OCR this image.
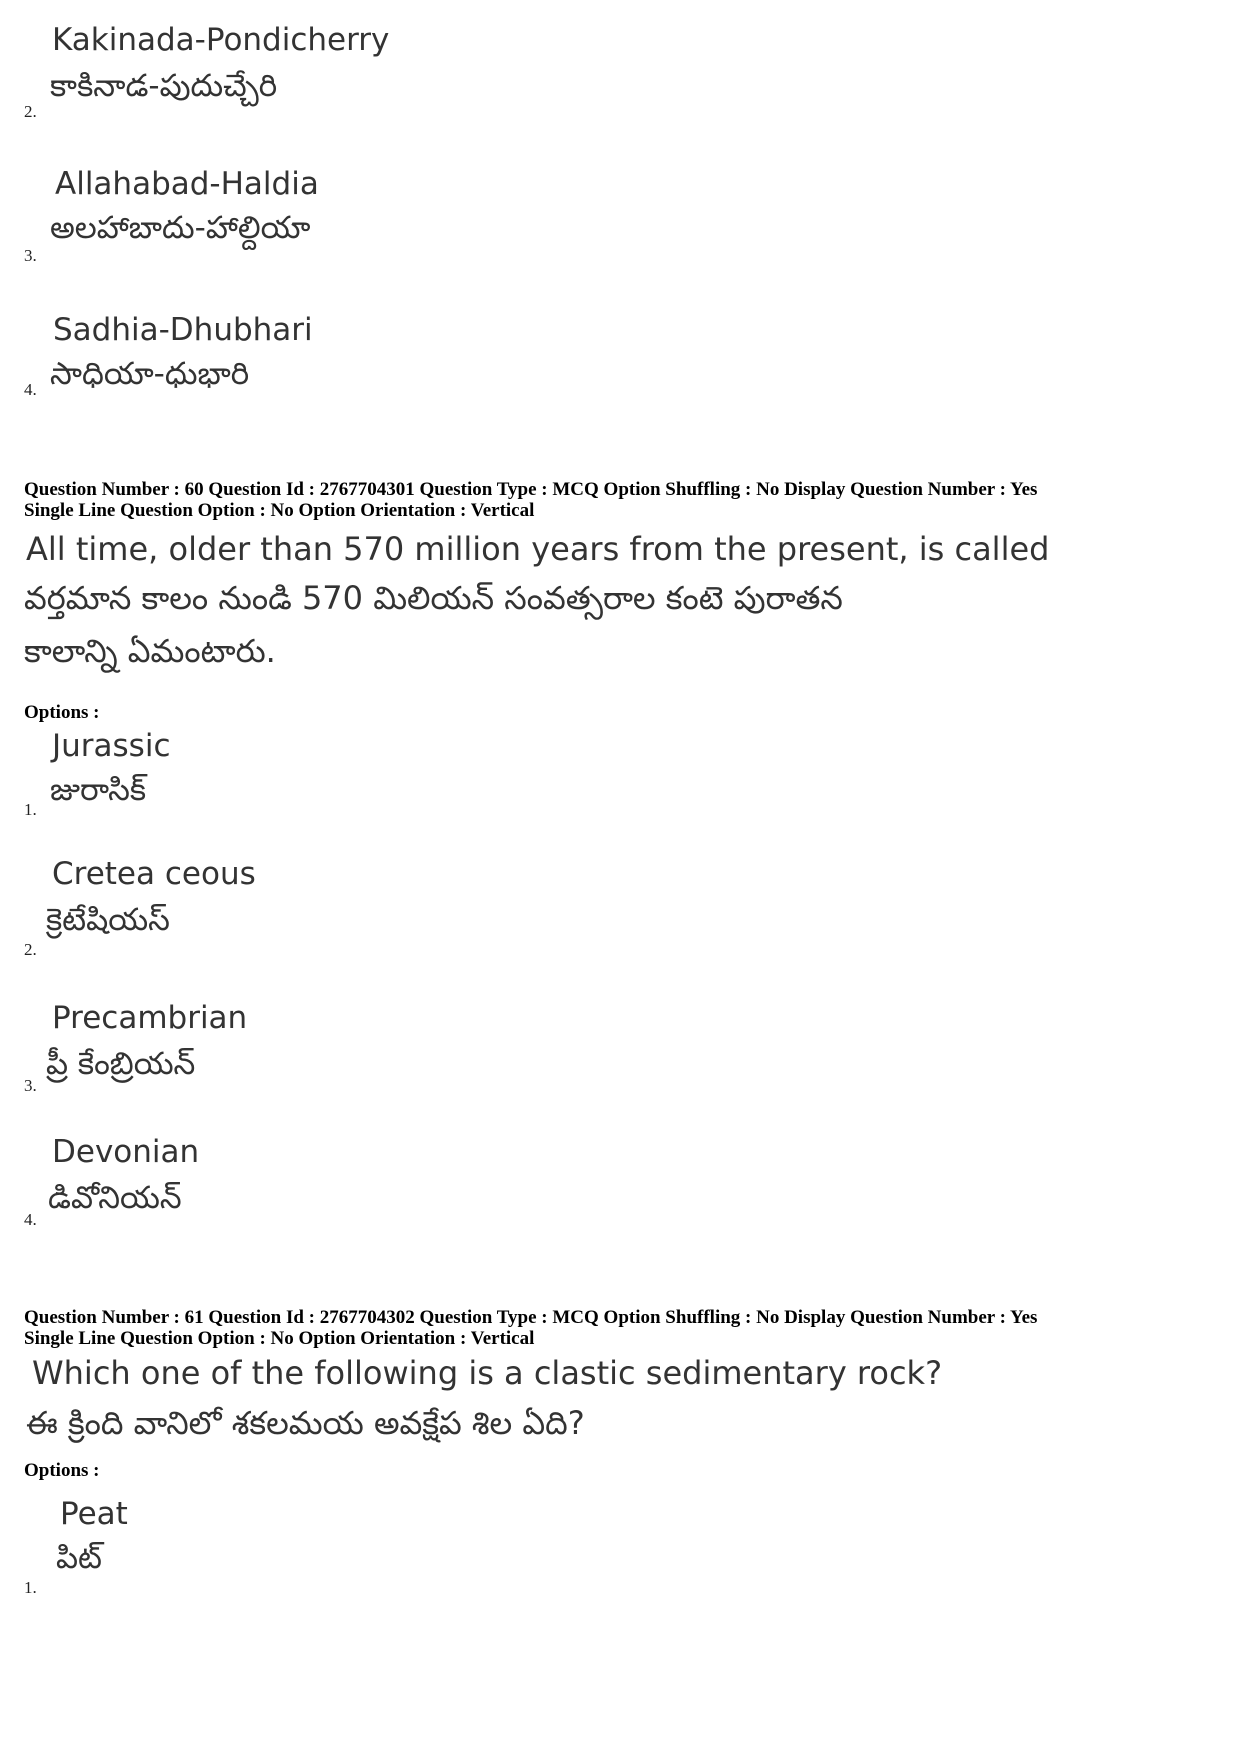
Kakinada-Pondicherry
కాకినాడ-పుదుచ్చేరి
2.
Allahabad-Haldia
అలహాబాదు-హాల్దియా
3.
Sadhia-Dhubhari
సాధియా-ధుభారి
4.
Question Number : 60 Question Id : 2767704301 Question Type : MCQ Option Shuffling : No Display Question Number : Yes
Single Line Question Option : No Option Orientation : Vertical
All time, older than 570 million years from the present, is called
వర్తమాన కాలం నుండి 570 మిలియన్ సంవత్సరాల కంటె పురాతన
కాలాన్ని ఏమంటారు.
Options :
Jurassic
జురాసిక్
1.
Cretea ceous
క్రెటేషియస్
2.
Precambrian
ప్రీ కేంబ్రియన్
3.
Devonian
డివోనియన్
4.
Question Number : 61 Question Id : 2767704302 Question Type : MCQ Option Shuffling : No Display Question Number : Yes
Single Line Question Option : No Option Orientation : Vertical
Which one of the following is a clastic sedimentary rock?
ఈ క్రింది వానిలో శకలమయ అవక్షేప శిల ఏది?
Options :
Peat
పిట్
1.
